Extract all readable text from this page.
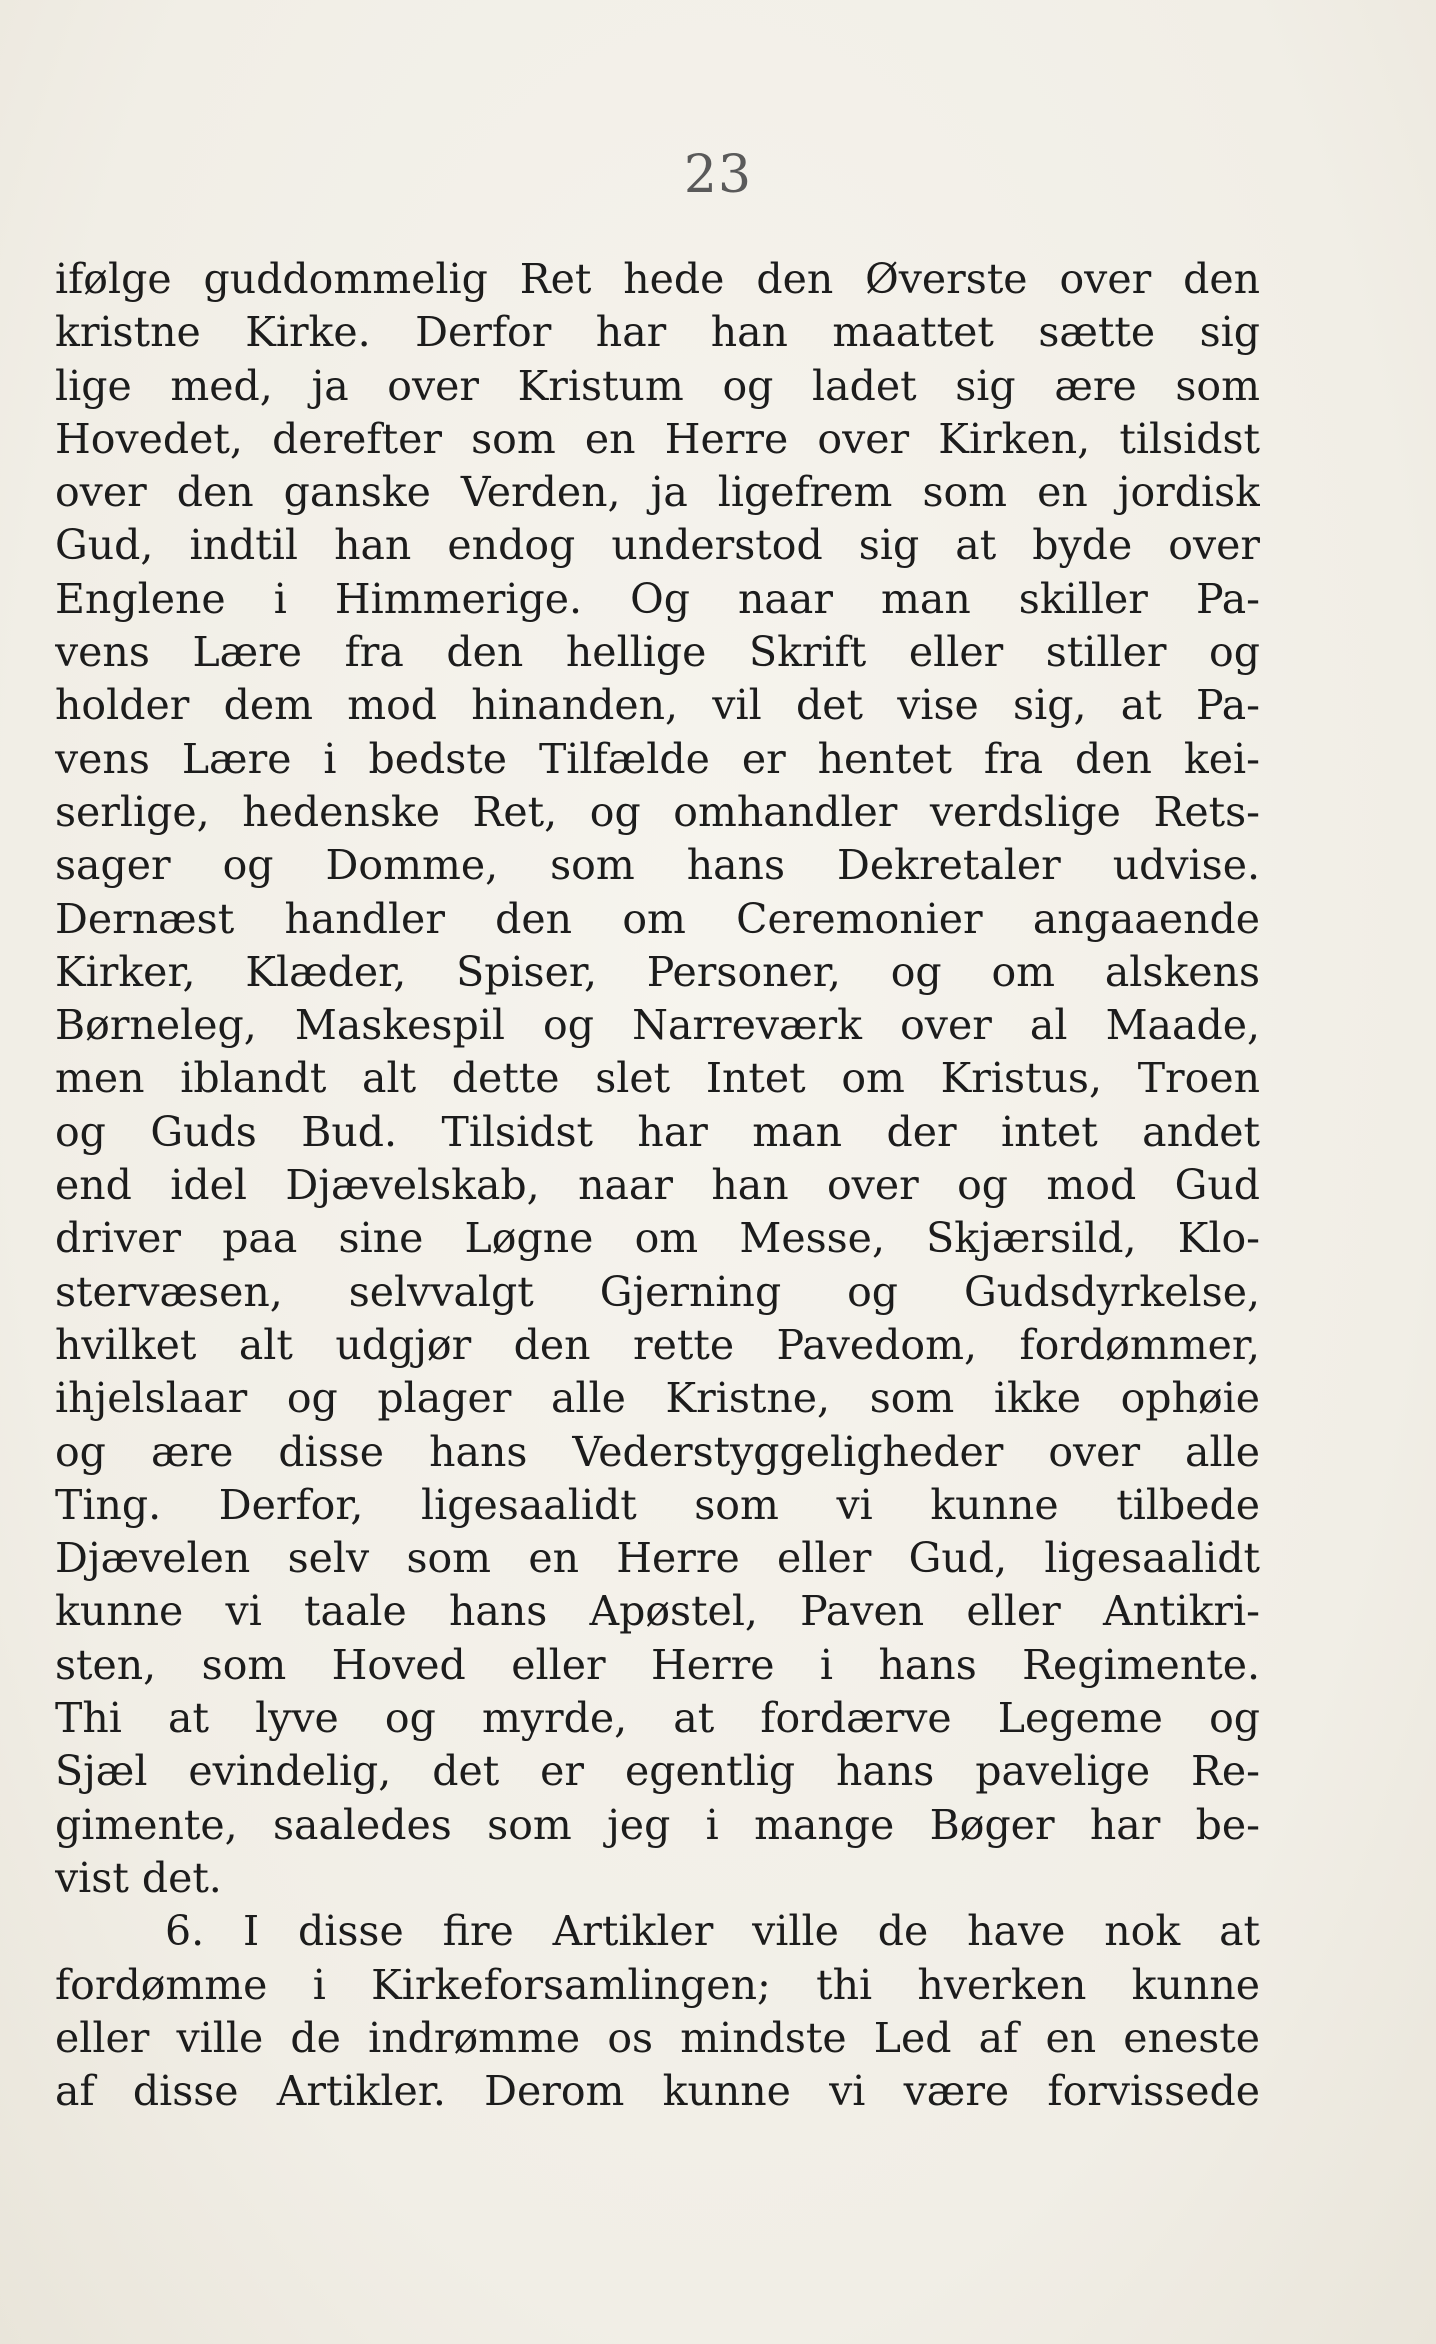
23
ifølge guddommelig Ret hede den Øverste over den
kristne Kirke. Derfor har han maattet sætte sig
lige med, ja over Kristum og ladet sig ære som
Hovedet, derefter som en Herre over Kirken, tilsidst
over den ganske Verden, ja ligefrem som en jordisk
Gud, indtil han endog understod sig at byde over
Englene i Himmerige. Og naar man skiller Pa-
vens Lære fra den hellige Skrift eller stiller og
holder dem mod hinanden, vil det vise sig, at Pa-
vens Lære i bedste Tilfælde er hentet fra den kei-
serlige, hedenske Ret, og omhandler verdslige Rets-
sager og Domme, som hans Dekretaler udvise.
Dernæst handler den om Ceremonier angaaende
Kirker, Klæder, Spiser, Personer, og om alskens
Børneleg, Maskespil og Narreværk over al Maade,
men iblandt alt dette slet Intet om Kristus, Troen
og Guds Bud. Tilsidst har man der intet andet
end idel Djævelskab, naar han over og mod Gud
driver paa sine Løgne om Messe, Skjærsild, Klo-
stervæsen, selvvalgt Gjerning og Gudsdyrkelse,
hvilket alt udgjør den rette Pavedom, fordømmer,
ihjelslaar og plager alle Kristne, som ikke ophøie
og ære disse hans Vederstyggeligheder over alle
Ting. Derfor, ligesaalidt som vi kunne tilbede
Djævelen selv som en Herre eller Gud, ligesaalidt
kunne vi taale hans Apøstel, Paven eller Antikri-
sten, som Hoved eller Herre i hans Regimente.
Thi at lyve og myrde, at fordærve Legeme og
Sjæl evindelig, det er egentlig hans pavelige Re-
gimente, saaledes som jeg i mange Bøger har be-
vist det.
6. I disse fire Artikler ville de have nok at
fordømme i Kirkeforsamlingen; thi hverken kunne
eller ville de indrømme os mindste Led af en eneste
af disse Artikler. Derom kunne vi være forvissede
